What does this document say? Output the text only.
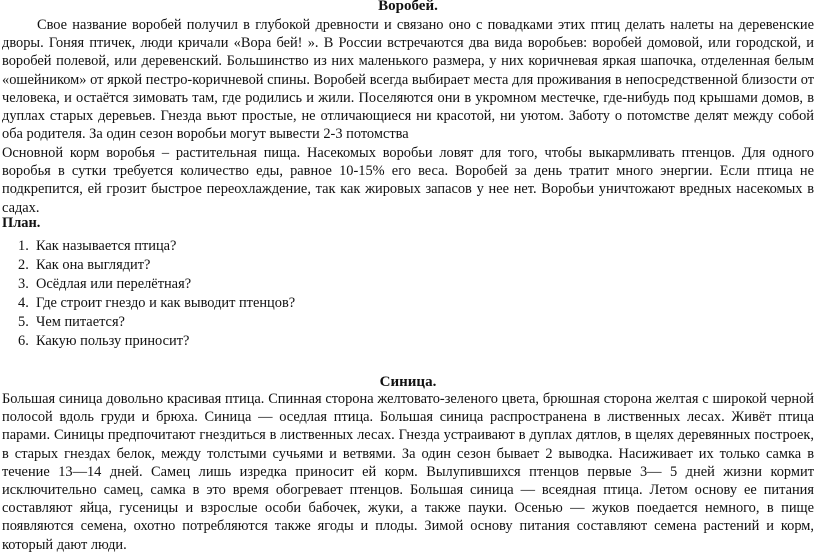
Воробей.

Свое название воробей получил в глубокой древности и связано оно с повадками этих птиц делать налеты на деревенские дворы. Гоняя птичек, люди кричали «Вора бей! ». В России встречаются два вида воробьев: воробей домовой, или городской, и воробей полевой, или деревенский. Большинство из них маленького размера, у них коричневая яркая шапочка, отделенная белым «ошейником» от яркой пестро-коричневой спины. Воробей всегда выбирает места для проживания в непосредственной близости от человека, и остаётся зимовать там, где родились и жили. Поселяются они в укромном местечке, где-нибудь под крышами домов, в дуплах старых деревьев. Гнезда вьют простые, не отличающиеся ни красотой, ни уютом. Заботу о потомстве делят между собой оба родителя. За один сезон воробьи могут вывести 2-3 потомства

Основной корм воробья – растительная пища. Насекомых воробьи ловят для того, чтобы выкармливать птенцов. Для одного воробья в сутки требуется количество еды, равное 10-15% его веса. Воробей за день тратит много энергии. Если птица не подкрепится, ей грозит быстрое переохлаждение, так как жировых запасов у нее нет. Воробьи уничтожают вредных насекомых в садах.

План.
1. Как называется птица?
2. Как она выглядит?
3. Осёдлая или перелётная?
4. Где строит гнездо и как выводит птенцов?
5. Чем питается?
6. Какую пользу приносит?
Синица.

Большая синица довольно красивая птица. Спинная сторона желтовато-зеленого цвета, брюшная сторона желтая с широкой черной полосой вдоль груди и брюха. Синица — оседлая птица. Большая синица распространена в лиственных лесах. Живёт птица парами. Синицы предпочитают гнездиться в лиственных лесах. Гнезда устраивают в дуплах дятлов, в щелях деревянных построек, в старых гнездах белок, между толстыми сучьями и ветвями. За один сезон бывает 2 выводка. Насиживает их только самка в течение 13—14 дней. Самец лишь изредка приносит ей корм. Вылупившихся птенцов первые 3— 5 дней жизни кормит исключительно самец, самка в это время обогревает птенцов. Большая синица — всеядная птица. Летом основу ее питания составляют яйца, гусеницы и взрослые особи бабочек, жуки, а также пауки. Осенью — жуков поедается немного, в пище появляются семена, охотно потребляются также ягоды и плоды. Зимой основу питания составляют семена растений и корм, который дают люди.
